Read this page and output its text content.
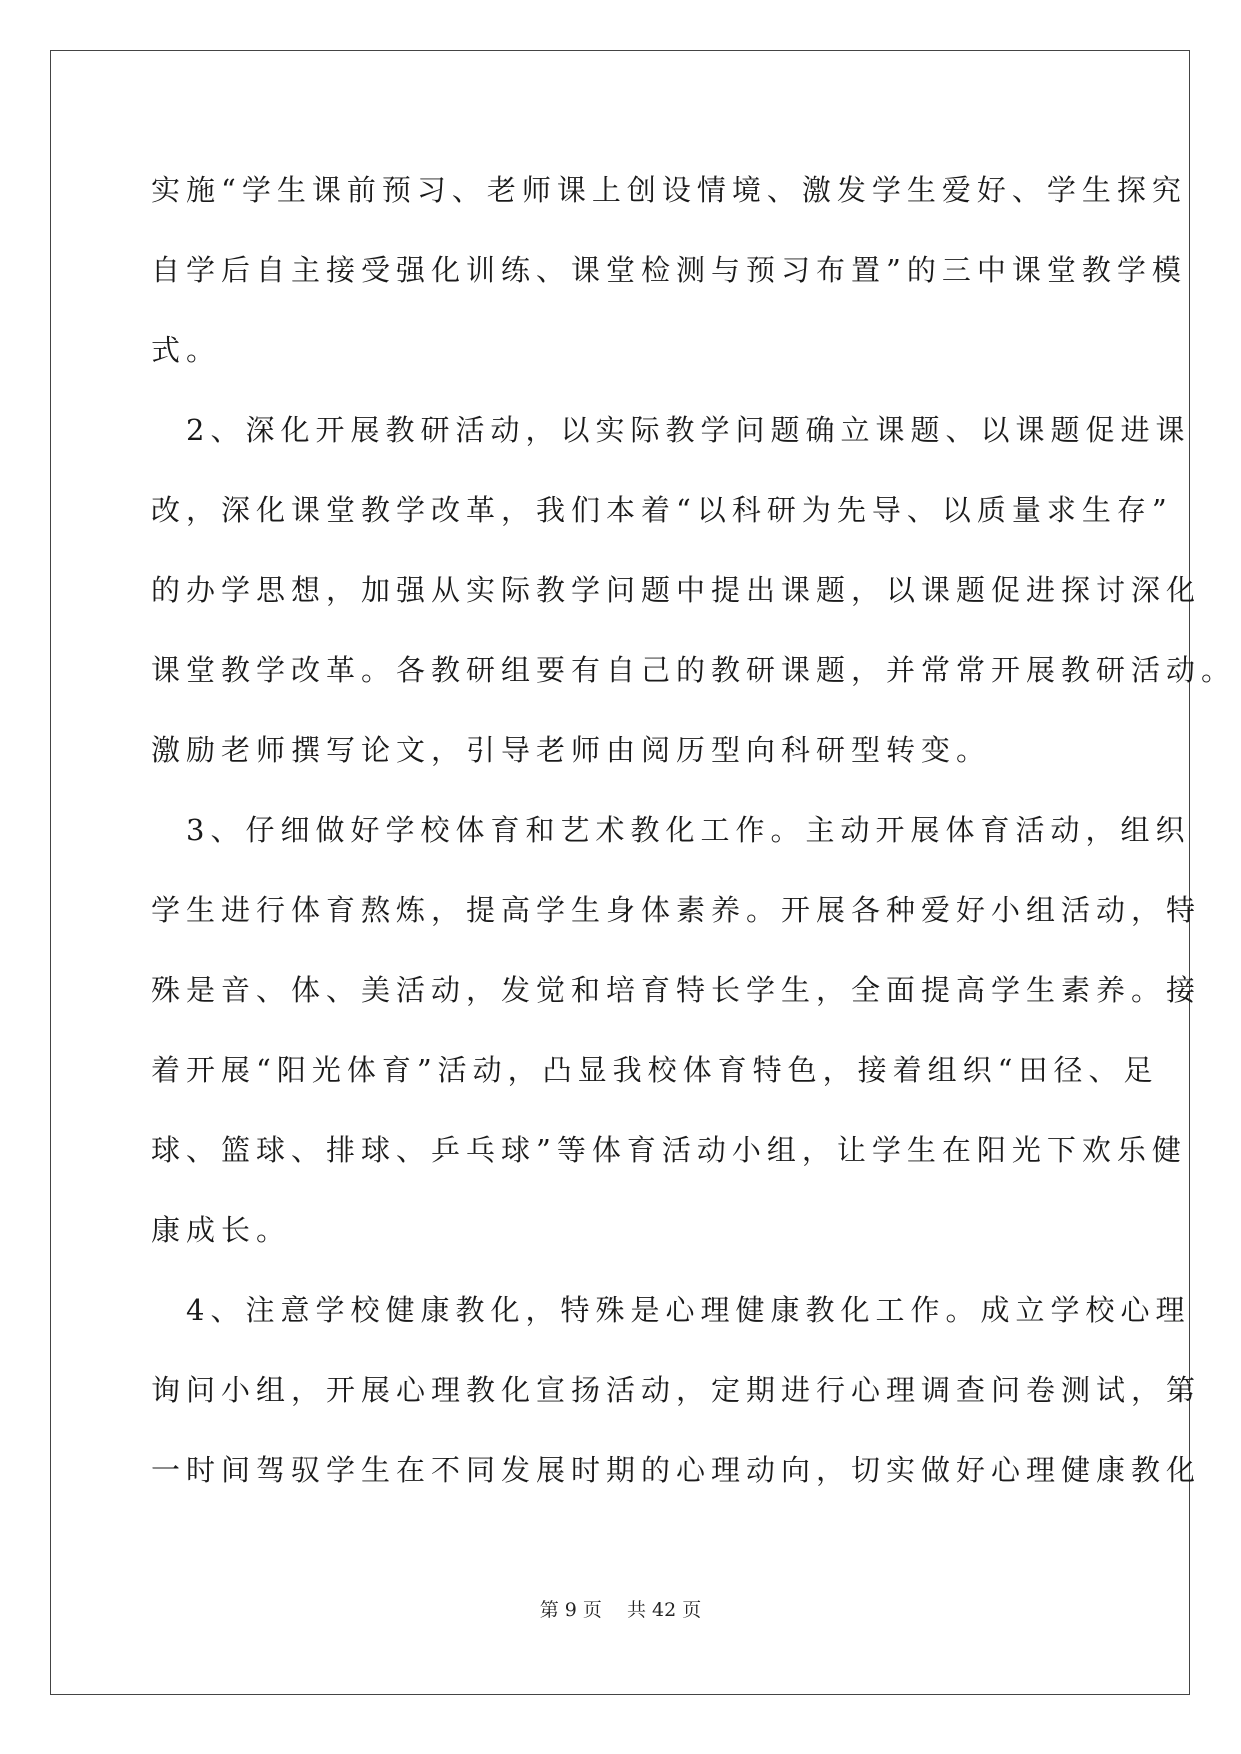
实施“学生课前预习、老师课上创设情境、激发学生爱好、学生探究
自学后自主接受强化训练、课堂检测与预习布置”的三中课堂教学模
式。
　2、深化开展教研活动，以实际教学问题确立课题、以课题促进课
改，深化课堂教学改革，我们本着“以科研为先导、以质量求生存”
的办学思想，加强从实际教学问题中提出课题，以课题促进探讨深化
课堂教学改革。各教研组要有自己的教研课题，并常常开展教研活动。
激励老师撰写论文，引导老师由阅历型向科研型转变。
　3、仔细做好学校体育和艺术教化工作。主动开展体育活动，组织
学生进行体育熬炼，提高学生身体素养。开展各种爱好小组活动，特
殊是音、体、美活动，发觉和培育特长学生，全面提高学生素养。接
着开展“阳光体育”活动，凸显我校体育特色，接着组织“田径、足
球、篮球、排球、乒乓球”等体育活动小组，让学生在阳光下欢乐健
康成长。
　4、注意学校健康教化，特殊是心理健康教化工作。成立学校心理
询问小组，开展心理教化宣扬活动，定期进行心理调查问卷测试，第
一时间驾驭学生在不同发展时期的心理动向，切实做好心理健康教化
第 9 页　 共 42 页
